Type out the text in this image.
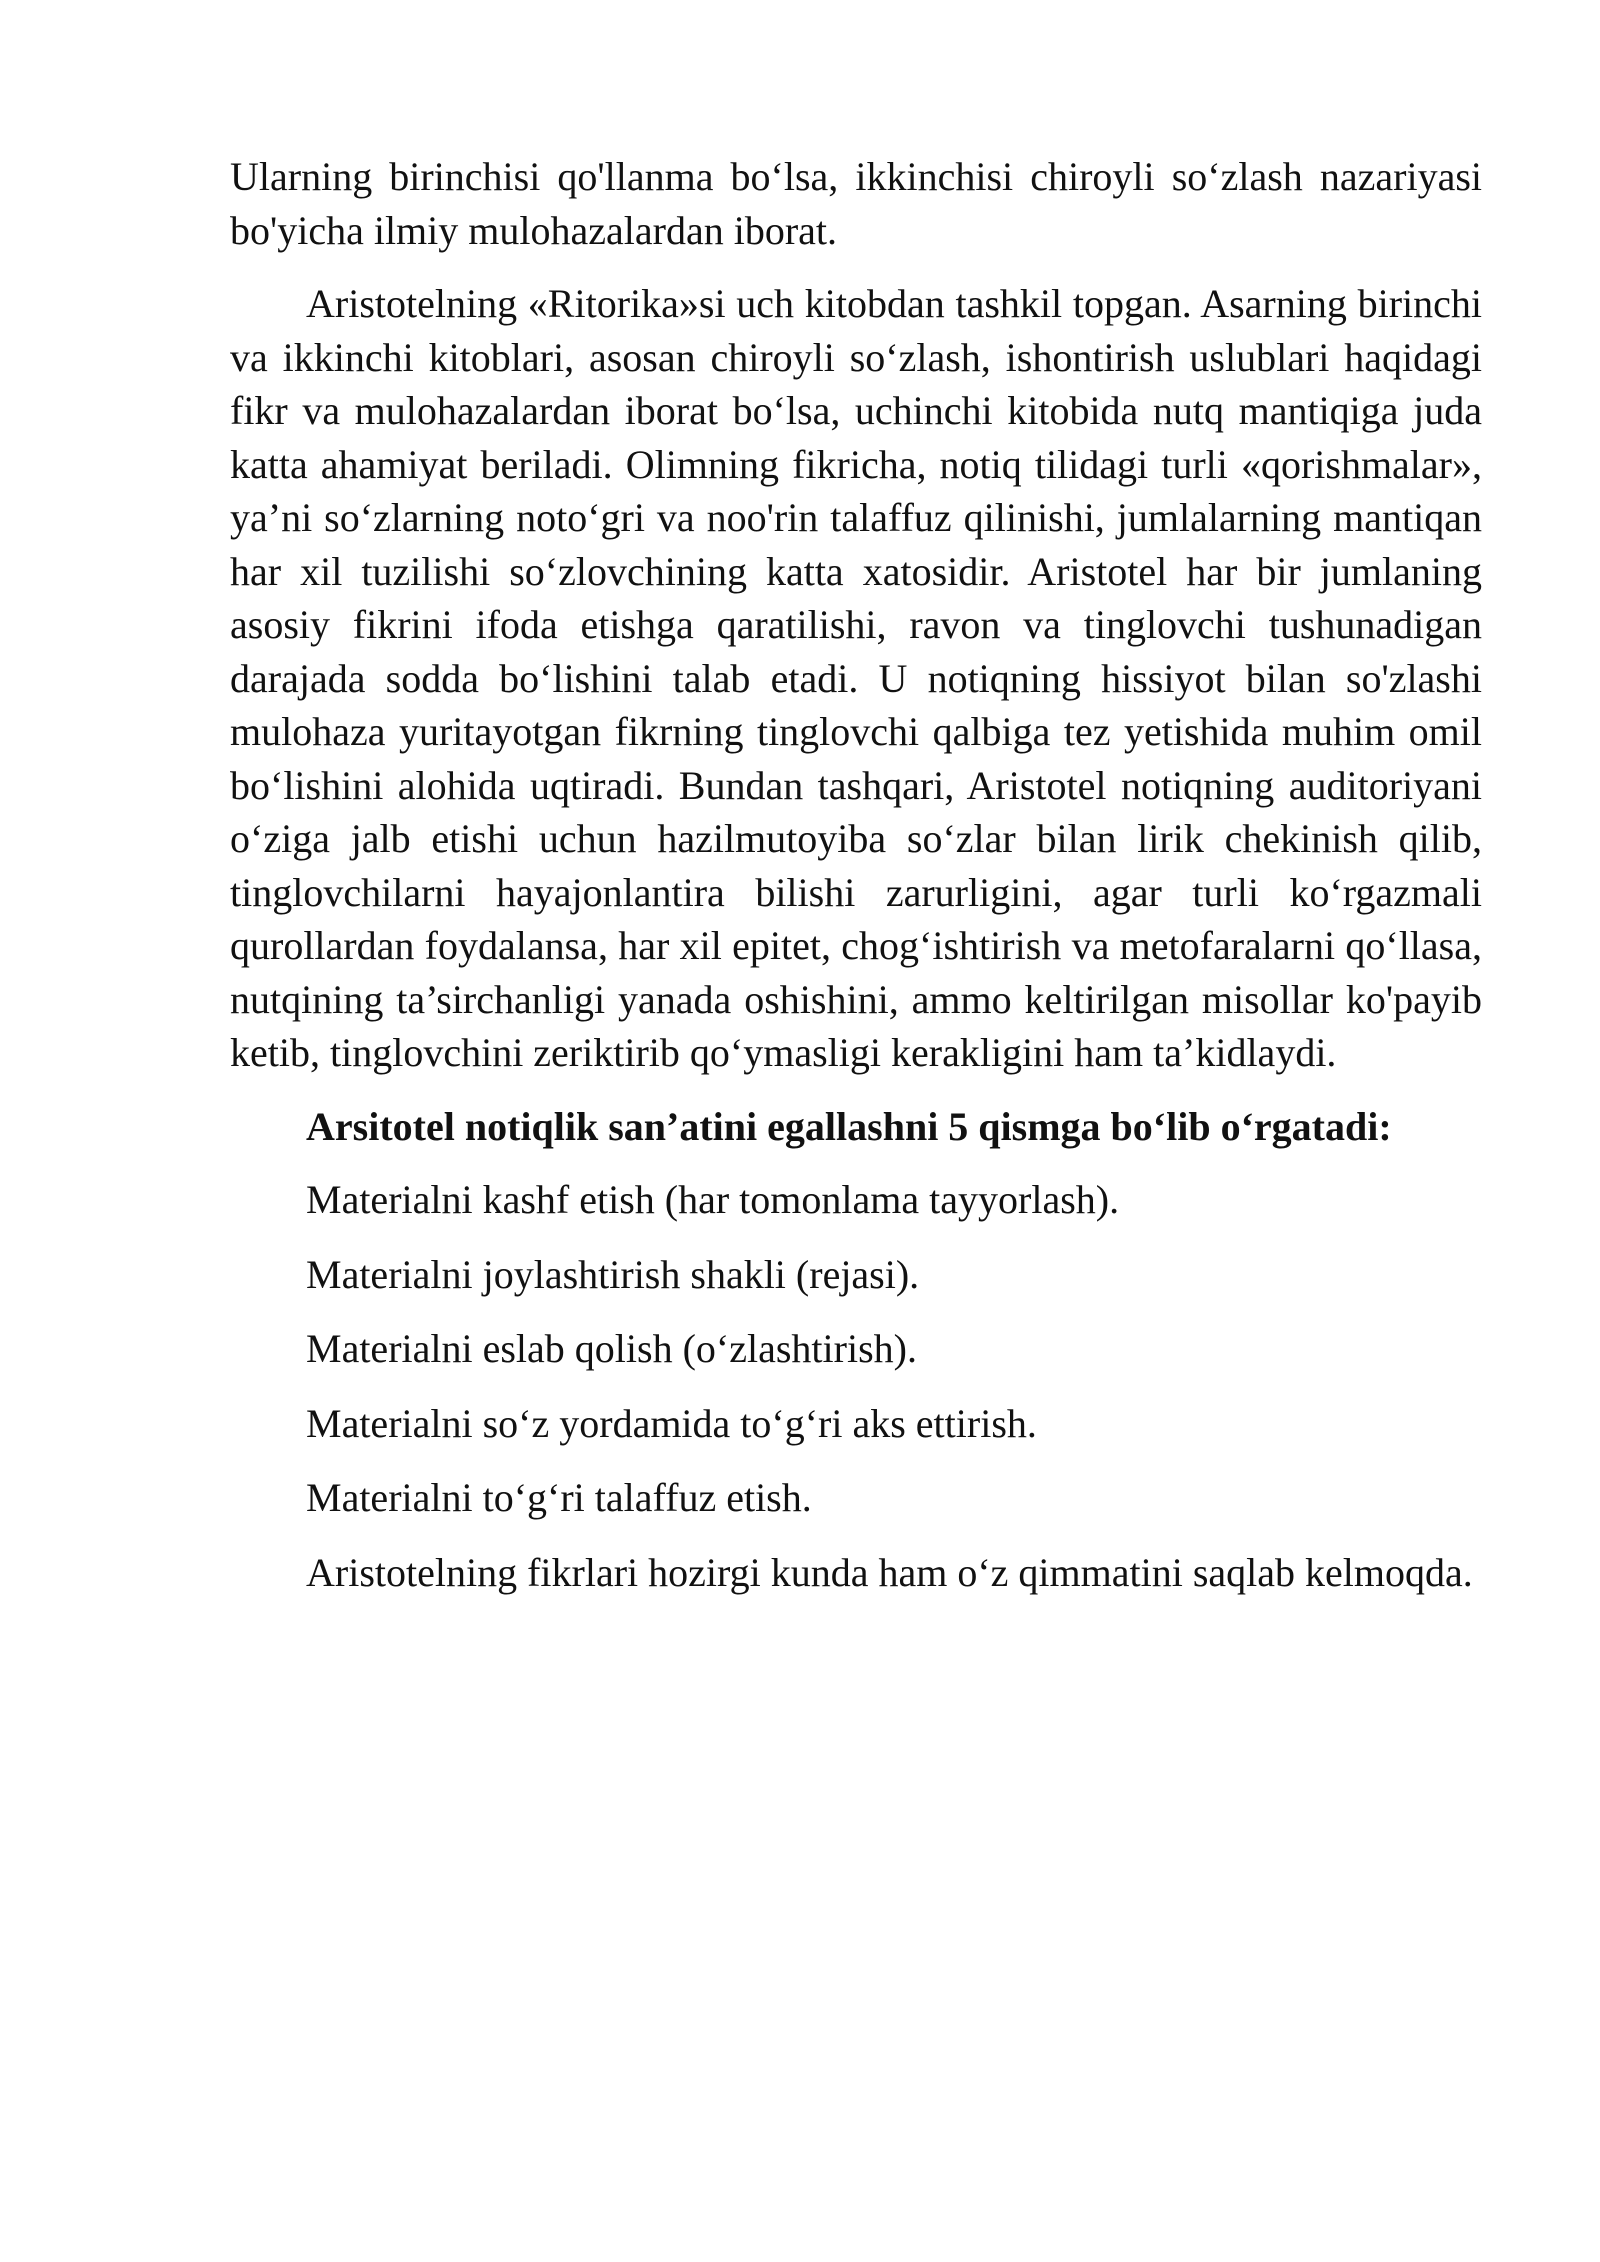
Ularning birinchisi qo'llanma bo‘lsa, ikkinchisi chiroyli so‘zlash nazariyasi bo'yicha ilmiy mulohazalardan iborat.

Aristotelning «Ritorika»si uch kitobdan tashkil topgan. Asarning birinchi va ikkinchi kitoblari, asosan chiroyli so‘zlash, ishontirish uslublari haqidagi fikr va mulohazalardan iborat bo‘lsa, uchinchi kitobida nutq mantiqiga juda katta ahamiyat beriladi. Olimning fikricha, notiq tilidagi turli «qorishmalar», ya’ni so‘zlarning noto‘gri va noo'rin talaffuz qilinishi, jumlalarning mantiqan har xil tuzilishi so‘zlovchining katta xatosidir. Aristotel har bir jumlaning asosiy fikrini ifoda etishga qaratilishi, ravon va tinglovchi tushunadigan darajada sodda bo‘lishini talab etadi. U notiqning hissiyot bilan so'zlashi mulohaza yuritayotgan fikrning tinglovchi qalbiga tez yetishida muhim omil bo‘lishini alohida uqtiradi. Bundan tashqari, Aristotel notiqning auditoriyani o‘ziga jalb etishi uchun hazilmutoyiba so‘zlar bilan lirik chekinish qilib, tinglovchilarni hayajonlantira bilishi zarurligini, agar turli ko‘rgazmali qurollardan foydalansa, har xil epitet, chog‘ishtirish va metofaralarni qo‘llasa, nutqining ta’sirchanligi yanada oshishini, ammo keltirilgan misollar ko'payib ketib, tinglovchini zeriktirib qo‘ymasligi kerakligini ham ta’kidlaydi.

Arsitotel notiqlik san’atini egallashni 5 qismga bo‘lib o‘rgatadi:

Materialni kashf etish (har tomonlama tayyorlash).

Materialni joylashtirish shakli (rejasi).

Materialni eslab qolish (o‘zlashtirish).

Materialni so‘z yordamida to‘g‘ri aks ettirish.

Materialni to‘g‘ri talaffuz etish.

Aristotelning fikrlari hozirgi kunda ham o‘z qimmatini saqlab kelmoqda.
